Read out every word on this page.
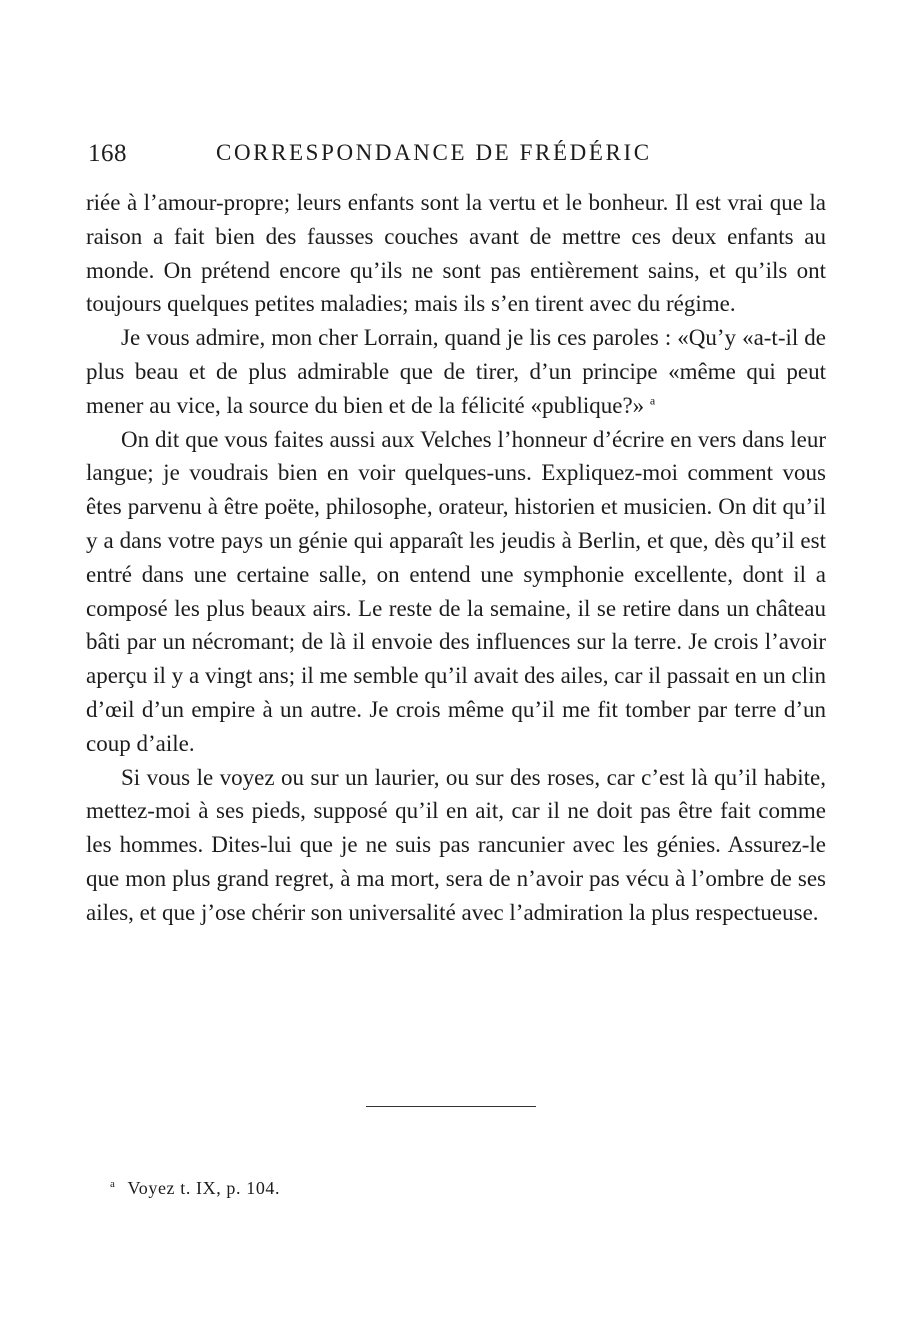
168	CORRESPONDANCE DE FRÉDÉRIC

riée à l’amour-propre; leurs enfants sont la vertu et le bonheur. Il est vrai que la raison a fait bien des fausses couches avant de mettre ces deux enfants au monde. On prétend encore qu’ils ne sont pas entièrement sains, et qu’ils ont toujours quelques petites maladies; mais ils s’en tirent avec du régime.

Je vous admire, mon cher Lorrain, quand je lis ces paroles : «Qu’y «a-t-il de plus beau et de plus admirable que de tirer, d’un principe «même qui peut mener au vice, la source du bien et de la félicité «publique?» $^a$

On dit que vous faites aussi aux Velches l’honneur d’écrire en vers dans leur langue; je voudrais bien en voir quelques-uns. Expliquez-moi comment vous êtes parvenu à être poëte, philosophe, orateur, historien et musicien. On dit qu’il y a dans votre pays un génie qui apparaît les jeudis à Berlin, et que, dès qu’il est entré dans une certaine salle, on entend une symphonie excellente, dont il a composé les plus beaux airs. Le reste de la semaine, il se retire dans un château bâti par un nécromant; de là il envoie des influences sur la terre. Je crois l’avoir aperçu il y a vingt ans; il me semble qu’il avait des ailes, car il passait en un clin d’œil d’un empire à un autre. Je crois même qu’il me fit tomber par terre d’un coup d’aile.

Si vous le voyez ou sur un laurier, ou sur des roses, car c’est là qu’il habite, mettez-moi à ses pieds, supposé qu’il en ait, car il ne doit pas être fait comme les hommes. Dites-lui que je ne suis pas rancunier avec les génies. Assurez-le que mon plus grand regret, à ma mort, sera de n’avoir pas vécu à l’ombre de ses ailes, et que j’ose chérir son universalité avec l’admiration la plus respectueuse.

$^a$ Voyez t. IX, p. 104.
